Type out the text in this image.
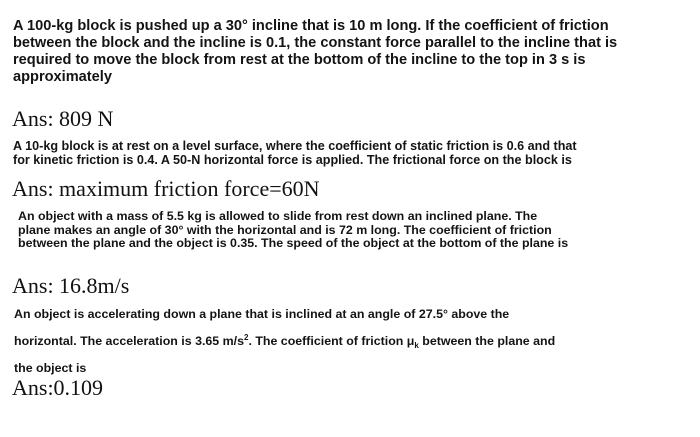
A 100-kg block is pushed up a 30° incline that is 10 m long. If the coefficient of friction
between the block and the incline is 0.1, the constant force parallel to the incline that is
required to move the block from rest at the bottom of the incline to the top in 3 s is
approximately
Ans: 809 N
A 10-kg block is at rest on a level surface, where the coefficient of static friction is 0.6 and that
for kinetic friction is 0.4. A 50-N horizontal force is applied. The frictional force on the block is
Ans: maximum friction force=60N
An object with a mass of 5.5 kg is allowed to slide from rest down an inclined plane. The
plane makes an angle of 30° with the horizontal and is 72 m long. The coefficient of friction
between the plane and the object is 0.35. The speed of the object at the bottom of the plane is
Ans: 16.8m/s
An object is accelerating down a plane that is inclined at an angle of 27.5° above the
horizontal. The acceleration is 3.65 $m/s^2$. The coefficient of friction $\mu_k$ between the plane and
the object is
Ans:0.109
